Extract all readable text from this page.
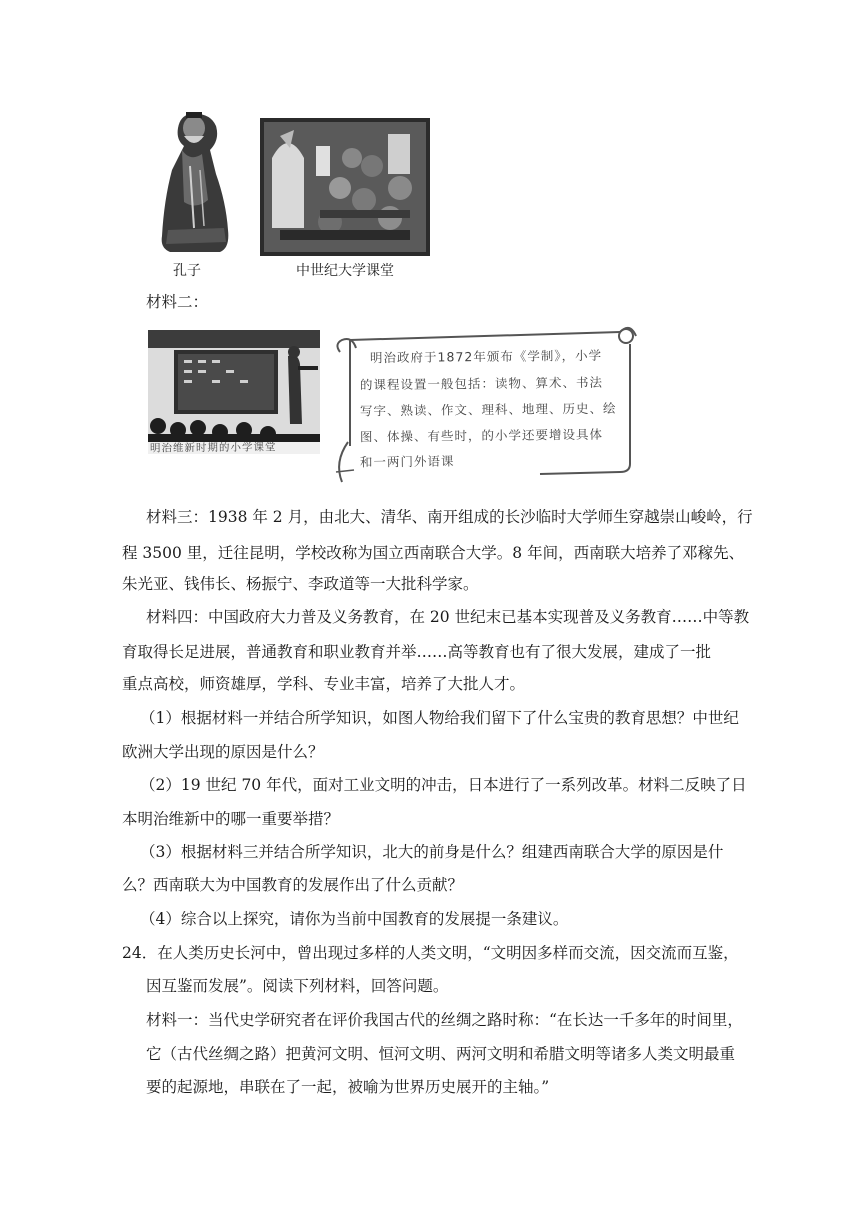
孔子	中世纪大学课堂
材料二：
明治维新时期的小学课堂
明治政府于1872年颁布《学制》，小学
的课程设置一般包括：读物、算术、书法
写字、熟读、作文、理科、地理、历史、绘
图、体操、有些时，的小学还要增设具体
和一两门外语课
材料三：1938 年 2 月，由北大、清华、南开组成的长沙临时大学师生穿越崇山峻岭，行
程 3500 里，迁往昆明，学校改称为国立西南联合大学。8 年间，西南联大培养了邓稼先、
朱光亚、钱伟长、杨振宁、李政道等一大批科学家。
材料四：中国政府大力普及义务教育，在 20 世纪末已基本实现普及义务教育……中等教
育取得长足进展，普通教育和职业教育并举……高等教育也有了很大发展，建成了一批
重点高校，师资雄厚，学科、专业丰富，培养了大批人才。
（1）根据材料一并结合所学知识，如图人物给我们留下了什么宝贵的教育思想？中世纪
欧洲大学出现的原因是什么？
（2）19 世纪 70 年代，面对工业文明的冲击，日本进行了一系列改革。材料二反映了日
本明治维新中的哪一重要举措？
（3）根据材料三并结合所学知识，北大的前身是什么？组建西南联合大学的原因是什
么？西南联大为中国教育的发展作出了什么贡献？
（4）综合以上探究，请你为当前中国教育的发展提一条建议。
24．在人类历史长河中，曾出现过多样的人类文明，“文明因多样而交流，因交流而互鉴，
因互鉴而发展”。阅读下列材料，回答问题。
材料一：当代史学研究者在评价我国古代的丝绸之路时称：“在长达一千多年的时间里，
它（古代丝绸之路）把黄河文明、恒河文明、两河文明和希腊文明等诸多人类文明最重
要的起源地，串联在了一起，被喻为世界历史展开的主轴。”
